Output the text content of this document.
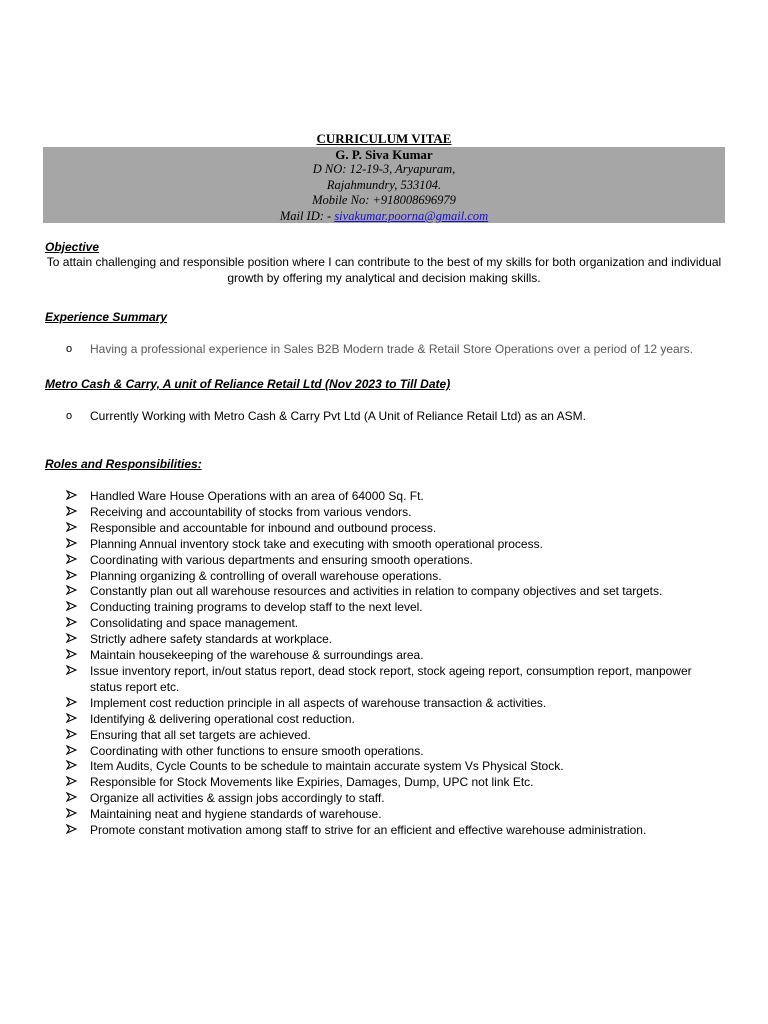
CURRICULUM VITAE
G. P. Siva Kumar
D NO: 12-19-3, Aryapuram,
Rajahmundry, 533104.
Mobile No: +918008696979
Mail ID: - sivakumar.poorna@gmail.com
Objective
To attain challenging and responsible position where I can contribute to the best of my skills for both organization and individual growth by offering my analytical and decision making skills.
Experience Summary
o	Having a professional experience in Sales B2B Modern trade & Retail Store Operations over a period of 12 years.
Metro Cash & Carry, A unit of Reliance Retail Ltd (Nov 2023 to Till Date)
o	Currently Working with Metro Cash & Carry Pvt Ltd (A Unit of Reliance Retail Ltd) as an ASM.
Roles and Responsibilities:
Handled Ware House Operations with an area of 64000 Sq. Ft.
Receiving and accountability of stocks from various vendors.
Responsible and accountable for inbound and outbound process.
Planning Annual inventory stock take and executing with smooth operational process.
Coordinating with various departments and ensuring smooth operations.
Planning organizing & controlling of overall warehouse operations.
Constantly plan out all warehouse resources and activities in relation to company objectives and set targets.
Conducting training programs to develop staff to the next level.
Consolidating and space management.
Strictly adhere safety standards at workplace.
Maintain housekeeping of the warehouse & surroundings area.
Issue inventory report, in/out status report, dead stock report, stock ageing report, consumption report, manpower status report etc.
Implement cost reduction principle in all aspects of warehouse transaction & activities.
Identifying & delivering operational cost reduction.
Ensuring that all set targets are achieved.
Coordinating with other functions to ensure smooth operations.
Item Audits, Cycle Counts to be schedule to maintain accurate system Vs Physical Stock.
Responsible for Stock Movements like Expiries, Damages, Dump, UPC not link Etc.
Organize all activities & assign jobs accordingly to staff.
Maintaining neat and hygiene standards of warehouse.
Promote constant motivation among staff to strive for an efficient and effective warehouse administration.
